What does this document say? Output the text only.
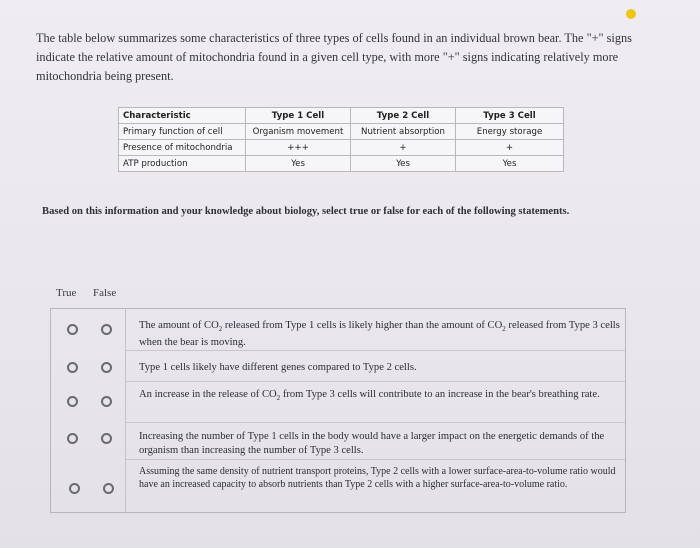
The table below summarizes some characteristics of three types of cells found in an individual brown bear. The "+" signs indicate the relative amount of mitochondria found in a given cell type, with more "+" signs indicating relatively more mitochondria being present.
Characteristic	Type 1 Cell	Type 2 Cell	Type 3 Cell
Primary function of cell	Organism movement	Nutrient absorption	Energy storage
Presence of mitochondria	+++	+	+
ATP production	Yes	Yes	Yes
Based on this information and your knowledge about biology, select true or false for each of the following statements.
True False
The amount of $CO_2$ released from Type 1 cells is likely higher than the amount of $CO_2$ released from Type 3 cells when the bear is moving.
Type 1 cells likely have different genes compared to Type 2 cells.
An increase in the release of $CO_2$ from Type 3 cells will contribute to an increase in the bear's breathing rate.
Increasing the number of Type 1 cells in the body would have a larger impact on the energetic demands of the organism than increasing the number of Type 3 cells.
Assuming the same density of nutrient transport proteins, Type 2 cells with a lower surface-area-to-volume ratio would have an increased capacity to absorb nutrients than Type 2 cells with a higher surface-area-to-volume ratio.
